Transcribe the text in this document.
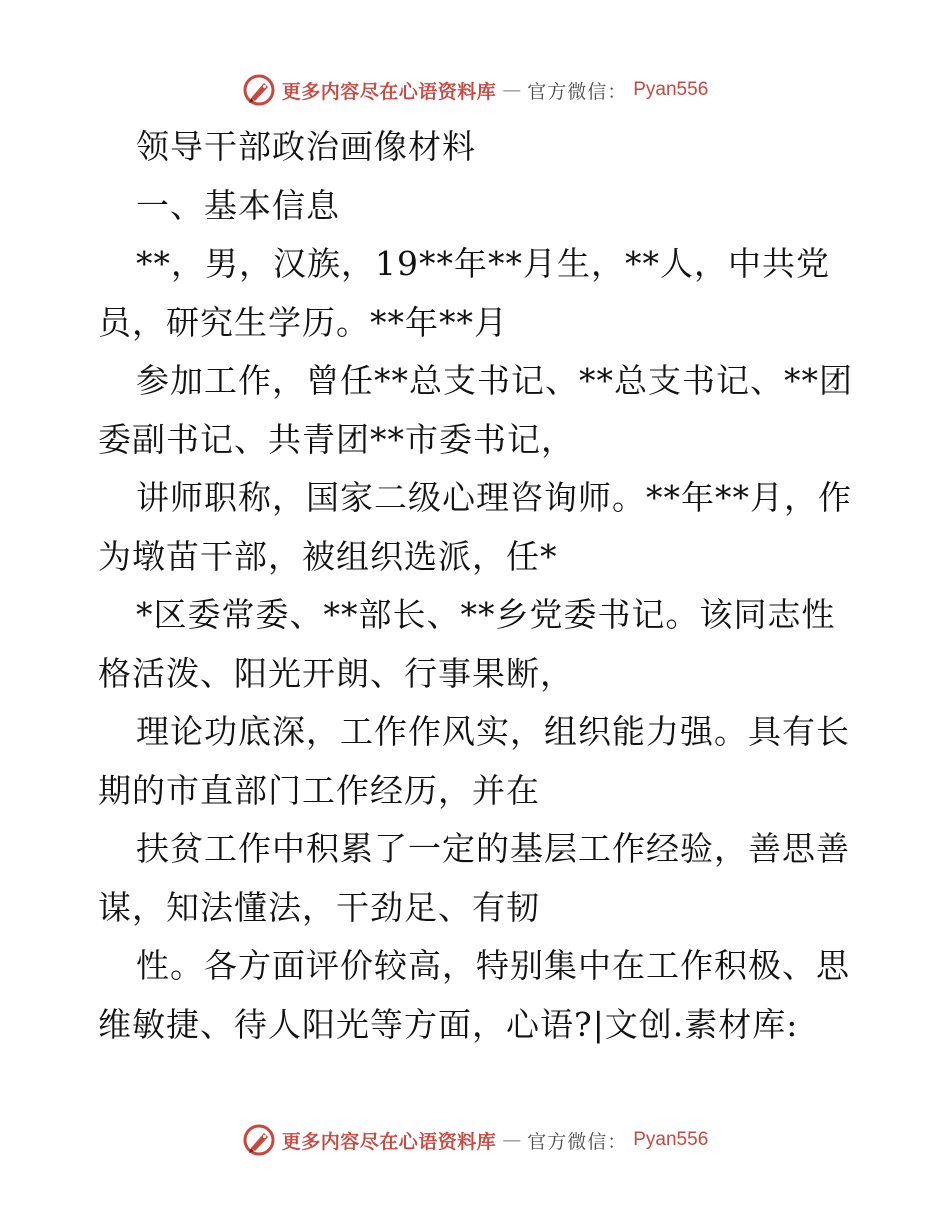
更多内容尽在心语资料库 — 官方微信： Pyan556
领导干部政治画像材料
一、基本信息
**，男，汉族，19**年**月生，**人，中共党
员，研究生学历。**年**月
参加工作，曾任**总支书记、**总支书记、**团
委副书记、共青团**市委书记，
讲师职称，国家二级心理咨询师。**年**月，作
为墩苗干部，被组织选派，任*
*区委常委、**部长、**乡党委书记。该同志性
格活泼、阳光开朗、行事果断，
理论功底深，工作作风实，组织能力强。具有长
期的市直部门工作经历，并在
扶贫工作中积累了一定的基层工作经验，善思善
谋，知法懂法，干劲足、有韧
性。各方面评价较高，特别集中在工作积极、思
维敏捷、待人阳光等方面，心语?|文创.素材库:
更多内容尽在心语资料库 — 官方微信： Pyan556
